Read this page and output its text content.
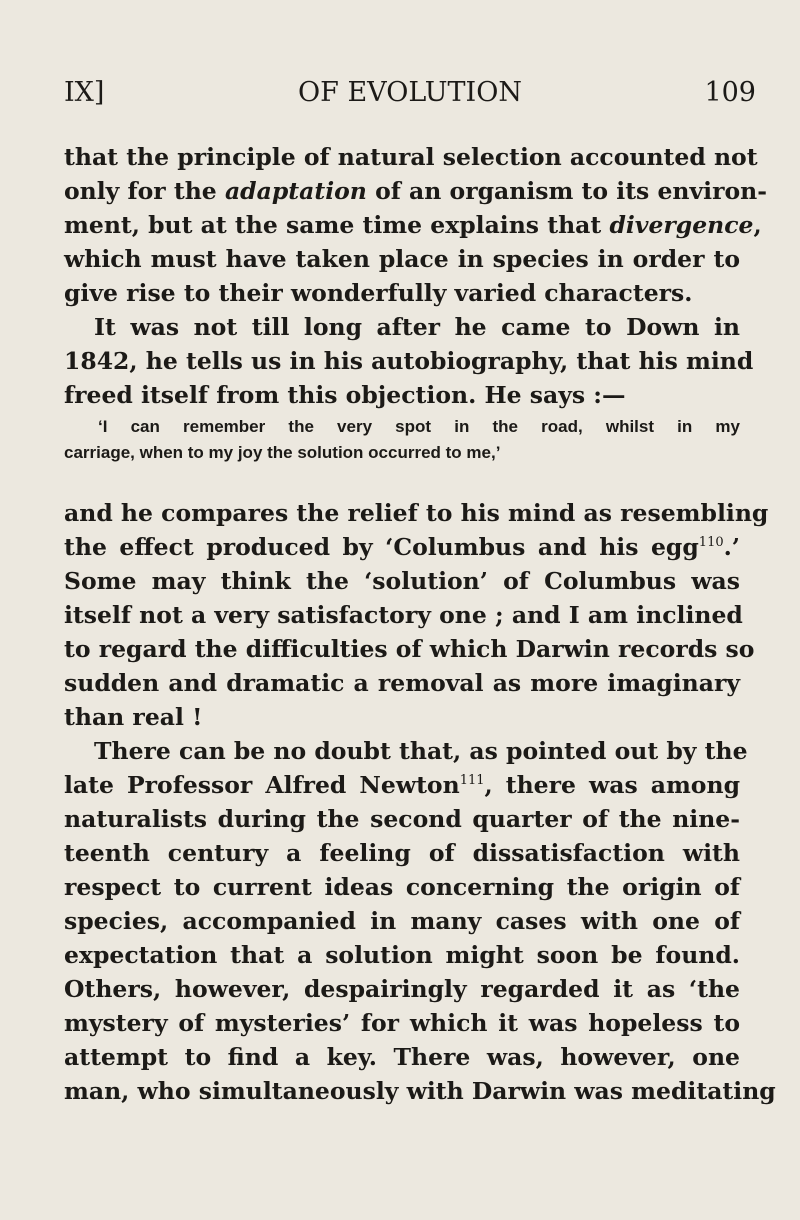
IX]	OF EVOLUTION	109
that the principle of natural selection accounted not
only for the adaptation of an organism to its environ-
ment, but at the same time explains that divergence,
which must have taken place in species in order to
give rise to their wonderfully varied characters.
It was not till long after he came to Down in
1842, he tells us in his autobiography, that his mind
freed itself from this objection. He says :—
‘I can remember the very spot in the road, whilst in my
carriage, when to my joy the solution occurred to me,’
and he compares the relief to his mind as resembling
the effect produced by ‘Columbus and his egg$^{110}$.’
Some may think the ‘solution’ of Columbus was
itself not a very satisfactory one ; and I am inclined
to regard the difficulties of which Darwin records so
sudden and dramatic a removal as more imaginary
than real !
There can be no doubt that, as pointed out by the
late Professor Alfred Newton$^{111}$, there was among
naturalists during the second quarter of the nine-
teenth century a feeling of dissatisfaction with
respect to current ideas concerning the origin of
species, accompanied in many cases with one of
expectation that a solution might soon be found.
Others, however, despairingly regarded it as ‘the
mystery of mysteries’ for which it was hopeless to
attempt to find a key. There was, however, one
man, who simultaneously with Darwin was meditating
